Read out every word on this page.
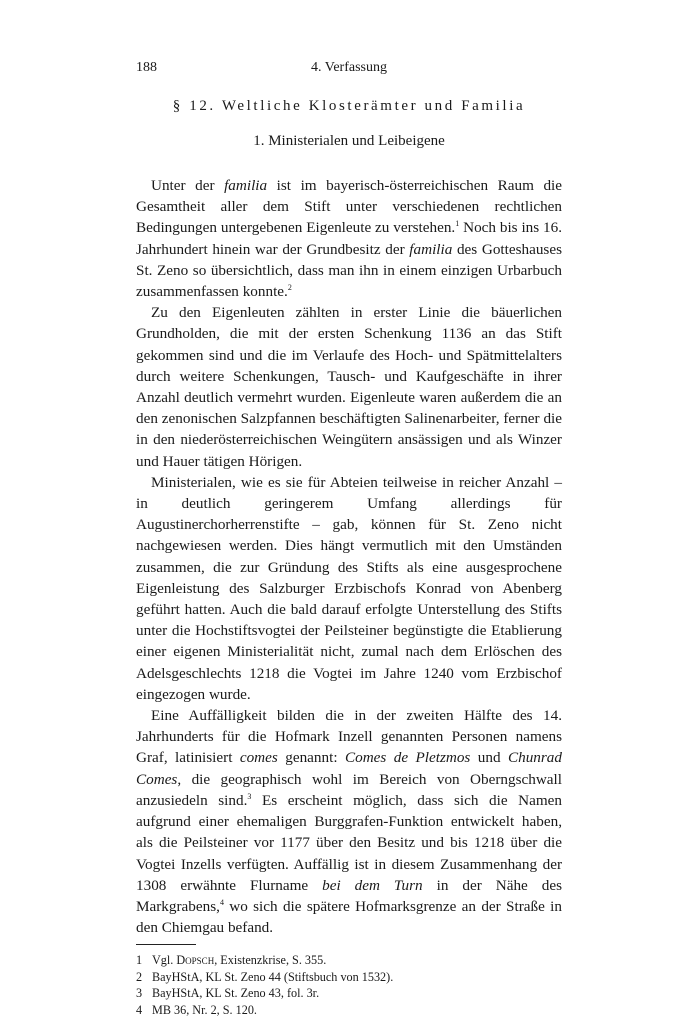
188	4. Verfassung
§ 12. Weltliche Klosterämter und Familia
1. Ministerialen und Leibeigene

Unter der familia ist im bayerisch-österreichischen Raum die Gesamtheit aller dem Stift unter verschiedenen rechtlichen Bedingungen untergebenen Eigenleute zu verstehen.$^1$ Noch bis ins 16. Jahrhundert hinein war der Grundbesitz der familia des Gotteshauses St. Zeno so übersichtlich, dass man ihn in einem einzigen Urbarbuch zusammenfassen konnte.$^2$

Zu den Eigenleuten zählten in erster Linie die bäuerlichen Grundholden, die mit der ersten Schenkung 1136 an das Stift gekommen sind und die im Verlaufe des Hoch- und Spätmittelalters durch weitere Schenkungen, Tausch- und Kaufgeschäfte in ihrer Anzahl deutlich vermehrt wurden. Eigenleute waren außerdem die an den zenonischen Salzpfannen beschäftigten Salinenarbeiter, ferner die in den niederösterreichischen Weingütern ansässigen und als Winzer und Hauer tätigen Hörigen.

Ministerialen, wie es sie für Abteien teilweise in reicher Anzahl – in deutlich geringerem Umfang allerdings für Augustinerchorherrenstifte – gab, können für St. Zeno nicht nachgewiesen werden. Dies hängt vermutlich mit den Umständen zusammen, die zur Gründung des Stifts als eine ausgesprochene Eigenleistung des Salzburger Erzbischofs Konrad von Abenberg geführt hatten. Auch die bald darauf erfolgte Unterstellung des Stifts unter die Hochstiftsvogtei der Peilsteiner begünstigte die Etablierung einer eigenen Ministerialität nicht, zumal nach dem Erlöschen des Adelsgeschlechts 1218 die Vogtei im Jahre 1240 vom Erzbischof eingezogen wurde.

Eine Auffälligkeit bilden die in der zweiten Hälfte des 14. Jahrhunderts für die Hofmark Inzell genannten Personen namens Graf, latinisiert comes genannt: Comes de Pletzmos und Chunrad Comes, die geographisch wohl im Bereich von Oberngschwall anzusiedeln sind.$^3$ Es erscheint möglich, dass sich die Namen aufgrund einer ehemaligen Burggrafen-Funktion entwickelt haben, als die Peilsteiner vor 1177 über den Besitz und bis 1218 über die Vogtei Inzells verfügten. Auffällig ist in diesem Zusammenhang der 1308 erwähnte Flurname bei dem Turn in der Nähe des Markgrabens,$^4$ wo sich die spätere Hofmarksgrenze an der Straße in den Chiemgau befand.

1 Vgl. Dopsch, Existenzkrise, S. 355.
2 BayHStA, KL St. Zeno 44 (Stiftsbuch von 1532).
3 BayHStA, KL St. Zeno 43, fol. 3r.
4 MB 36, Nr. 2, S. 120.
